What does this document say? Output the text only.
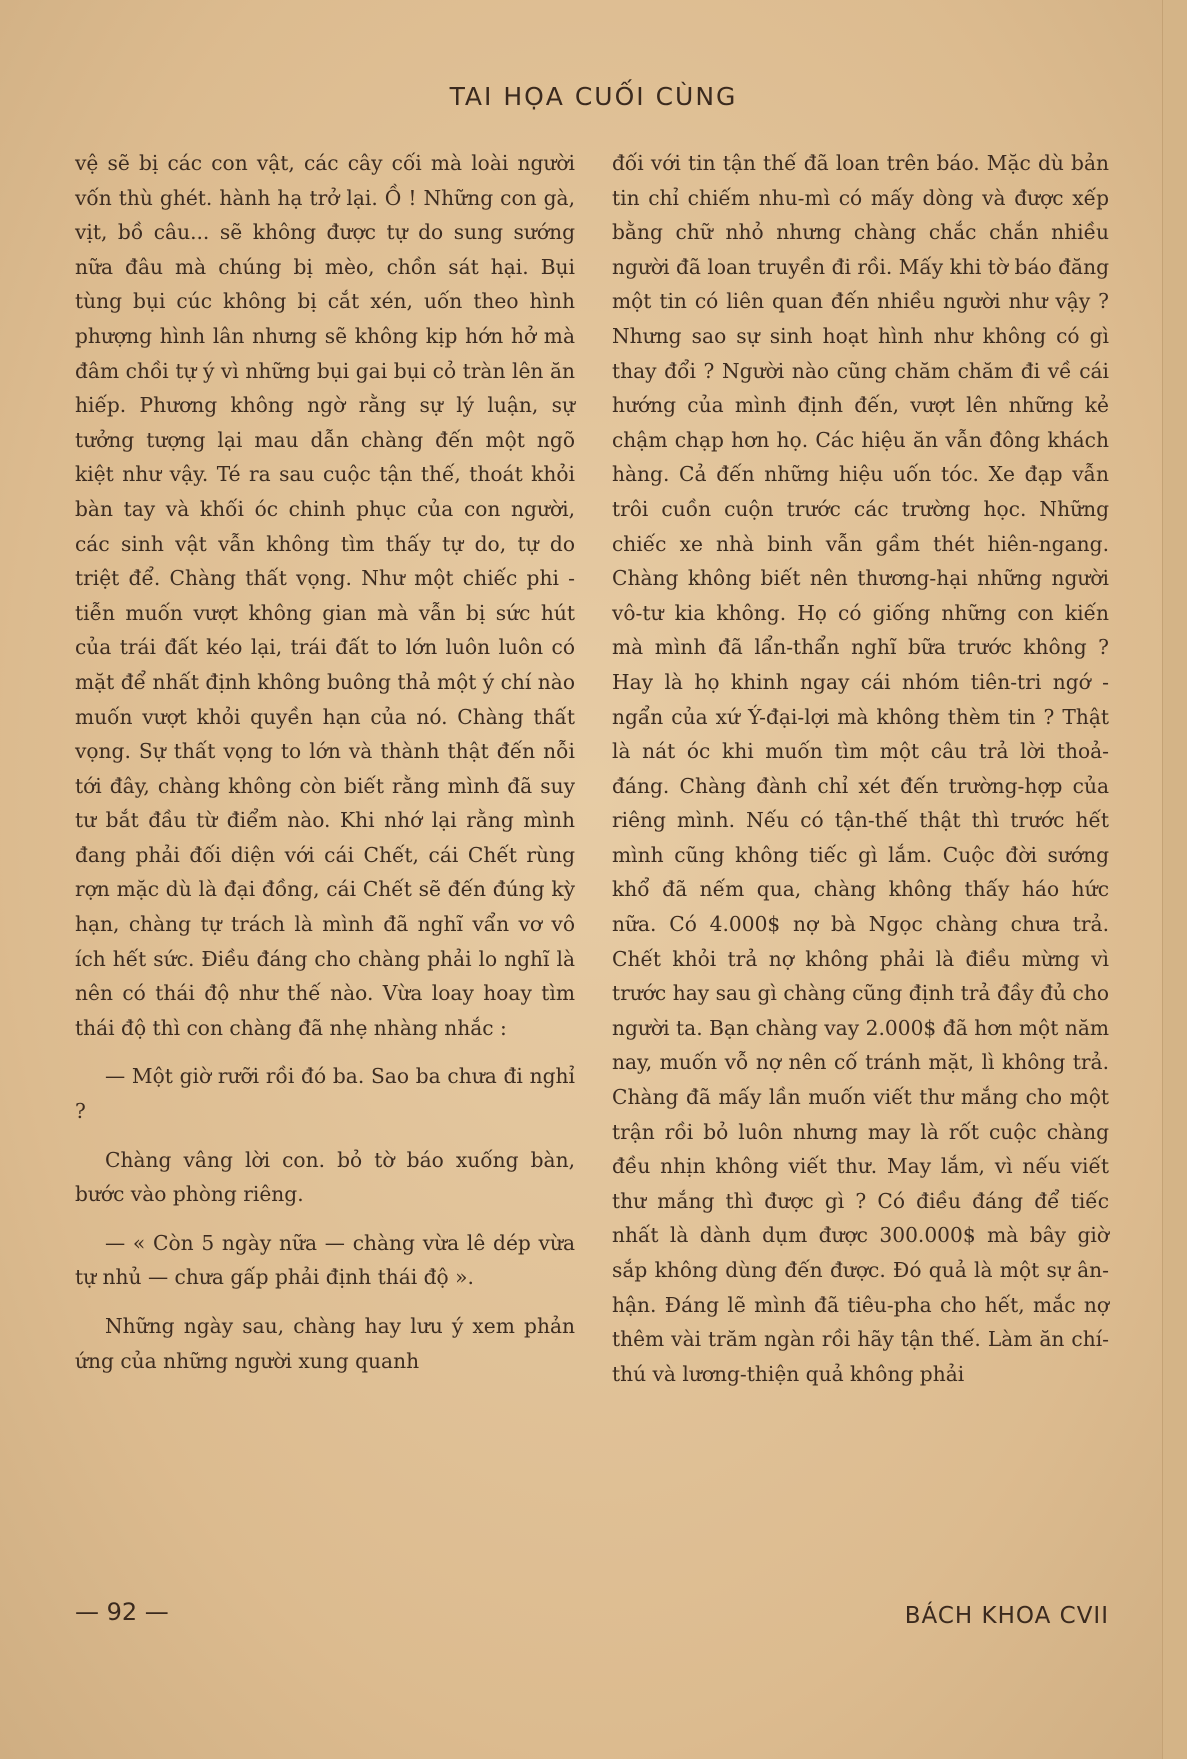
TAI HỌA CUỐI CÙNG

vệ sẽ bị các con vật, các cây cối mà loài người vốn thù ghét. hành hạ trở lại. Ồ ! Những con gà, vịt, bồ câu... sẽ không được tự do sung sướng nữa đâu mà chúng bị mèo, chồn sát hại. Bụi tùng bụi cúc không bị cắt xén, uốn theo hình phượng hình lân nhưng sẽ không kịp hớn hở mà đâm chồi tự ý vì những bụi gai bụi cỏ tràn lên ăn hiếp. Phương không ngờ rằng sự lý luận, sự tưởng tượng lại mau dẫn chàng đến một ngõ kiệt như vậy. Té ra sau cuộc tận thế, thoát khỏi bàn tay và khối óc chinh phục của con người, các sinh vật vẫn không tìm thấy tự do, tự do triệt để. Chàng thất vọng. Như một chiếc phi - tiễn muốn vượt không gian mà vẫn bị sức hút của trái đất kéo lại, trái đất to lớn luôn luôn có mặt để nhất định không buông thả một ý chí nào muốn vượt khỏi quyền hạn của nó. Chàng thất vọng. Sự thất vọng to lớn và thành thật đến nỗi tới đây, chàng không còn biết rằng mình đã suy tư bắt đầu từ điểm nào. Khi nhớ lại rằng mình đang phải đối diện với cái Chết, cái Chết rùng rợn mặc dù là đại đồng, cái Chết sẽ đến đúng kỳ hạn, chàng tự trách là mình đã nghĩ vẩn vơ vô ích hết sức. Điều đáng cho chàng phải lo nghĩ là nên có thái độ như thế nào. Vừa loay hoay tìm thái độ thì con chàng đã nhẹ nhàng nhắc :

— Một giờ rưỡi rồi đó ba. Sao ba chưa đi nghỉ ?

Chàng vâng lời con. bỏ tờ báo xuống bàn, bước vào phòng riêng.

— « Còn 5 ngày nữa — chàng vừa lê dép vừa tự nhủ — chưa gấp phải định thái độ ».

Những ngày sau, chàng hay lưu ý xem phản ứng của những người xung quanh

đối với tin tận thế đã loan trên báo. Mặc dù bản tin chỉ chiếm nhu-mì có mấy dòng và được xếp bằng chữ nhỏ nhưng chàng chắc chắn nhiều người đã loan truyền đi rồi. Mấy khi tờ báo đăng một tin có liên quan đến nhiều người như vậy ? Nhưng sao sự sinh hoạt hình như không có gì thay đổi ? Người nào cũng chăm chăm đi về cái hướng của mình định đến, vượt lên những kẻ chậm chạp hơn họ. Các hiệu ăn vẫn đông khách hàng. Cả đến những hiệu uốn tóc. Xe đạp vẫn trôi cuồn cuộn trước các trường học. Những chiếc xe nhà binh vẫn gầm thét hiên-ngang. Chàng không biết nên thương-hại những người vô-tư kia không. Họ có giống những con kiến mà mình đã lẩn-thẩn nghĩ bữa trước không ? Hay là họ khinh ngay cái nhóm tiên-tri ngớ - ngẩn của xứ Ý-đại-lợi mà không thèm tin ? Thật là nát óc khi muốn tìm một câu trả lời thoả-đáng. Chàng đành chỉ xét đến trường-hợp của riêng mình. Nếu có tận-thế thật thì trước hết mình cũng không tiếc gì lắm. Cuộc đời sướng khổ đã nếm qua, chàng không thấy háo hức nữa. Có 4.000$ nợ bà Ngọc chàng chưa trả. Chết khỏi trả nợ không phải là điều mừng vì trước hay sau gì chàng cũng định trả đầy đủ cho người ta. Bạn chàng vay 2.000$ đã hơn một năm nay, muốn vỗ nợ nên cố tránh mặt, lì không trả. Chàng đã mấy lần muốn viết thư mắng cho một trận rồi bỏ luôn nhưng may là rốt cuộc chàng đều nhịn không viết thư. May lắm, vì nếu viết thư mắng thì được gì ? Có điều đáng để tiếc nhất là dành dụm được 300.000$ mà bây giờ sắp không dùng đến được. Đó quả là một sự ân-hận. Đáng lẽ mình đã tiêu-pha cho hết, mắc nợ thêm vài trăm ngàn rồi hãy tận thế. Làm ăn chí-thú và lương-thiện quả không phải

— 92 —	BÁCH KHOA CVII
